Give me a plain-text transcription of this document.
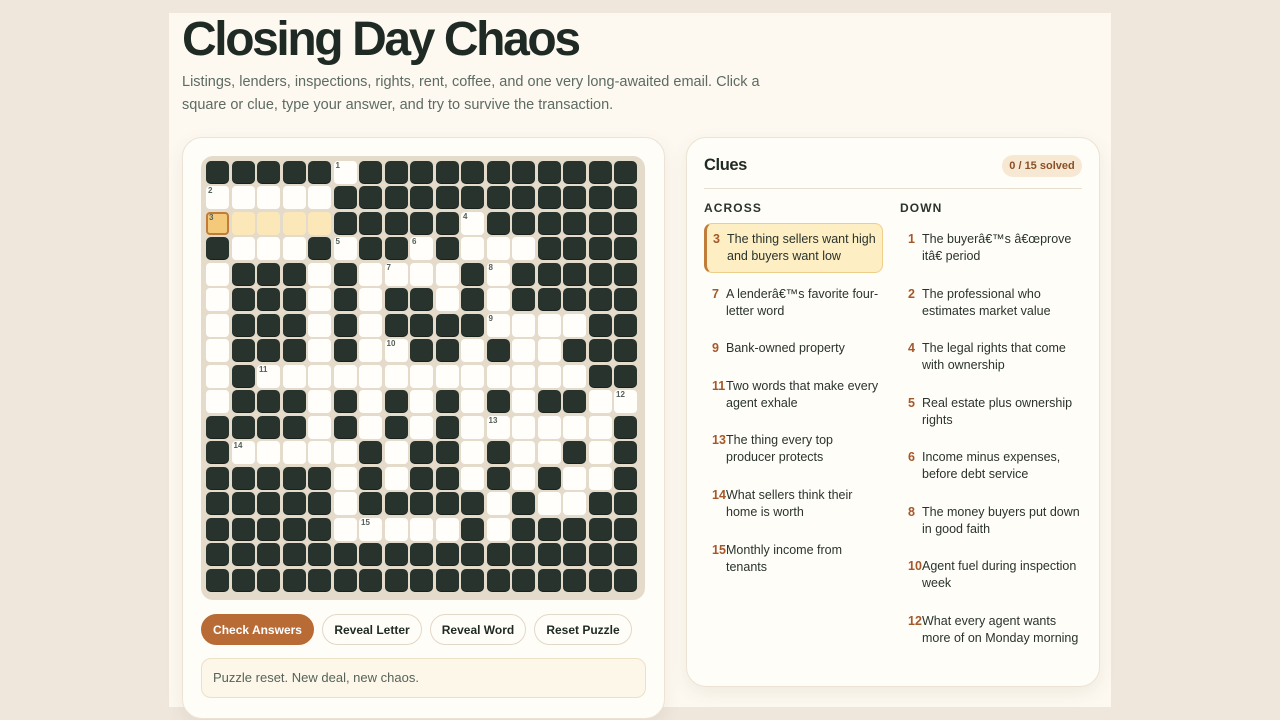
Closing Day Chaos

Listings, lenders, inspections, rights, rent, coffee, and one very long-awaited email. Click a square or clue, type your answer, and try to survive the transaction.

1
2
3	4
5	6
7	8
9
10
11
12
13
14
15
Check Answers	Reveal Letter	Reveal Word	Reset Puzzle
Puzzle reset. New deal, new chaos.
Clues	0 / 15 solved
ACROSS	DOWN
3 The thing sellers want high and buyers want low
7 A lenderâ€™s favorite four-letter word
9 Bank-owned property
11 Two words that make every agent exhale
13 The thing every top producer protects
14 What sellers think their home is worth
15 Monthly income from tenants
1 The buyerâ€™s â€œprove itâ€ period
2 The professional who estimates market value
4 The legal rights that come with ownership
5 Real estate plus ownership rights
6 Income minus expenses, before debt service
8 The money buyers put down in good faith
10 Agent fuel during inspection week
12 What every agent wants more of on Monday morning
